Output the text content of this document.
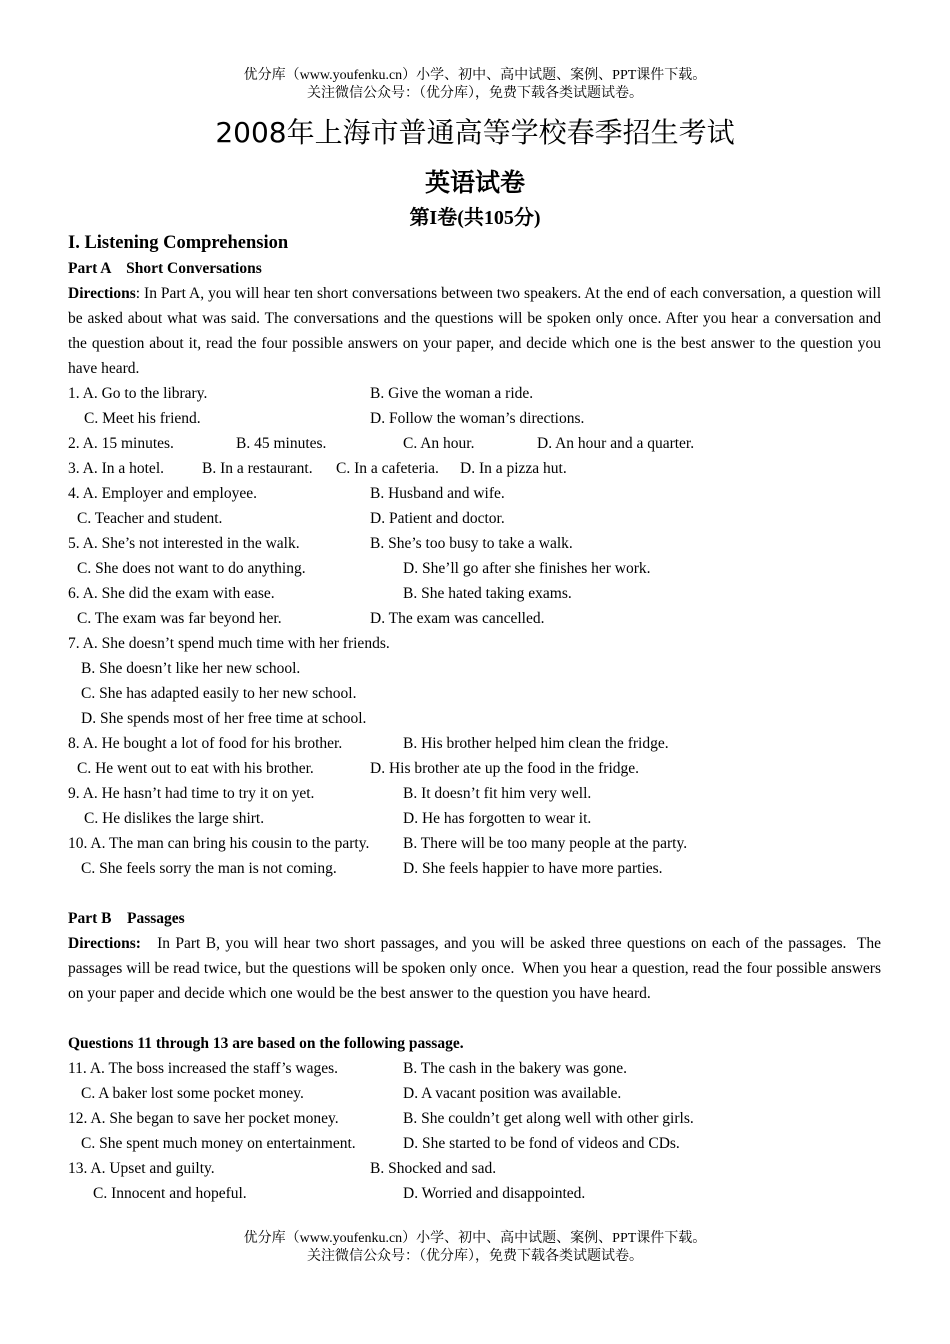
优分库（www.youfenku.cn）小学、初中、高中试题、案例、PPT课件下载。
关注微信公众号：（优分库），免费下载各类试题试卷。
2008年上海市普通高等学校春季招生考试
英语试卷
第I卷(共105分)
I. Listening Comprehension
Part A    Short Conversations
Directions: In Part A, you will hear ten short conversations between two speakers. At the end of each conversation, a question will be asked about what was said. The conversations and the questions will be spoken only once. After you hear a conversation and the question about it, read the four possible answers on your paper, and decide which one is the best answer to the question you have heard.
1. A. Go to the library.	B. Give the woman a ride.
C. Meet his friend.	D. Follow the woman’s directions.
2. A. 15 minutes.	B. 45 minutes.	C. An hour.	D. An hour and a quarter.
3. A. In a hotel. B. In a restaurant. C. In a cafeteria. D. In a pizza hut.
4. A. Employer and employee.	B. Husband and wife.
C. Teacher and student.	D. Patient and doctor.
5. A. She’s not interested in the walk.	B. She’s too busy to take a walk.
C. She does not want to do anything.	D. She’ll go after she finishes her work.
6. A. She did the exam with ease.	B. She hated taking exams.
C. The exam was far beyond her.	D. The exam was cancelled.
7. A. She doesn’t spend much time with her friends.
B. She doesn’t like her new school.
C. She has adapted easily to her new school.
D. She spends most of her free time at school.
8. A. He bought a lot of food for his brother.	B. His brother helped him clean the fridge.
C. He went out to eat with his brother.	D. His brother ate up the food in the fridge.
9. A. He hasn’t had time to try it on yet.	B. It doesn’t fit him very well.
C. He dislikes the large shirt.	D. He has forgotten to wear it.
10. A. The man can bring his cousin to the party. B. There will be too many people at the party.
C. She feels sorry the man is not coming.	D. She feels happier to have more parties.
Part B    Passages
Directions:   In Part B, you will hear two short passages, and you will be asked three questions on each of the passages.  The passages will be read twice, but the questions will be spoken only once.  When you hear a question, read the four possible answers on your paper and decide which one would be the best answer to the question you have heard.
Questions 11 through 13 are based on the following passage.
11. A. The boss increased the staff’s wages.	B. The cash in the bakery was gone.
C. A baker lost some pocket money.	D. A vacant position was available.
12. A. She began to save her pocket money.	B. She couldn’t get along well with other girls.
C. She spent much money on entertainment.	D. She started to be fond of videos and CDs.
13. A. Upset and guilty.	B. Shocked and sad.
C. Innocent and hopeful.	D. Worried and disappointed.
优分库（www.youfenku.cn）小学、初中、高中试题、案例、PPT课件下载。
关注微信公众号：（优分库），免费下载各类试题试卷。
